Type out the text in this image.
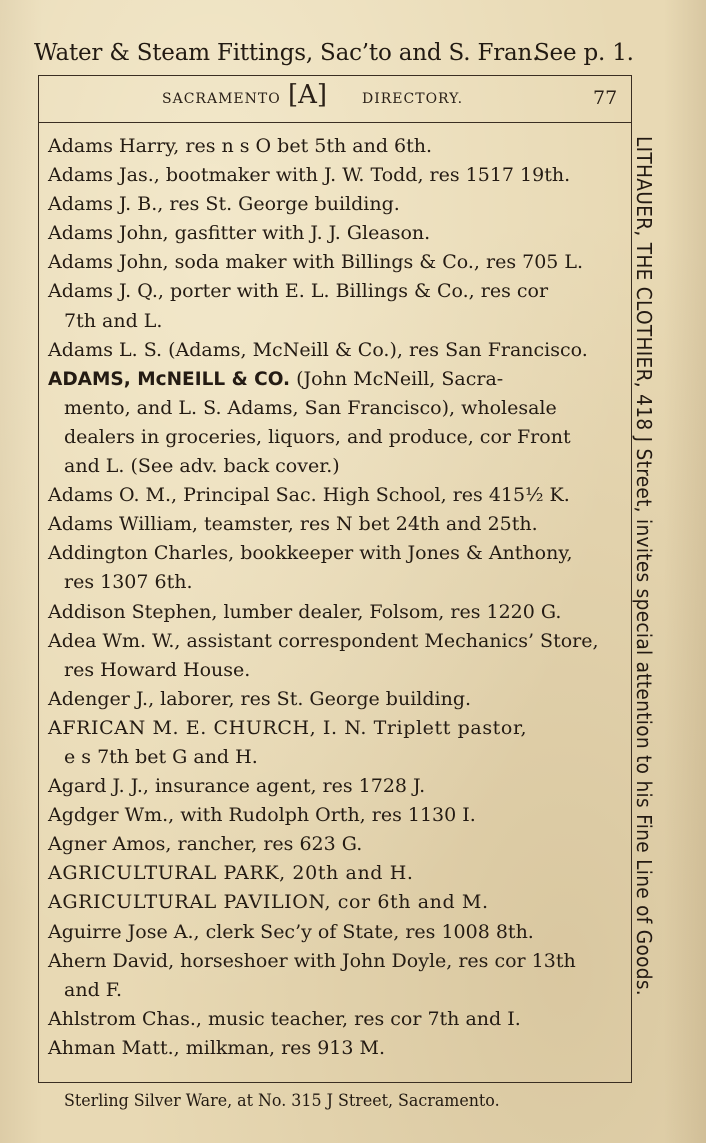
Water & Steam Fittings, Sac’to and S. Fran.
See p. 1.
SACRAMENTO [A] DIRECTORY.	77
Adams Harry, res n s O bet 5th and 6th.
Adams Jas., bootmaker with J. W. Todd, res 1517 19th.
Adams J. B., res St. George building.
Adams John, gasfitter with J. J. Gleason.
Adams John, soda maker with Billings & Co., res 705 L.
Adams J. Q., porter with E. L. Billings & Co., res cor
7th and L.
Adams L. S. (Adams, McNeill & Co.), res San Francisco.
ADAMS, McNEILL & CO. (John McNeill, Sacra-
mento, and L. S. Adams, San Francisco), wholesale
dealers in groceries, liquors, and produce, cor Front
and L. (See adv. back cover.)
Adams O. M., Principal Sac. High School, res 415½ K.
Adams William, teamster, res N bet 24th and 25th.
Addington Charles, bookkeeper with Jones & Anthony,
res 1307 6th.
Addison Stephen, lumber dealer, Folsom, res 1220 G.
Adea Wm. W., assistant correspondent Mechanics’ Store,
res Howard House.
Adenger J., laborer, res St. George building.
AFRICAN M. E. CHURCH, I. N. Triplett pastor,
e s 7th bet G and H.
Agard J. J., insurance agent, res 1728 J.
Agdger Wm., with Rudolph Orth, res 1130 I.
Agner Amos, rancher, res 623 G.
AGRICULTURAL PARK, 20th and H.
AGRICULTURAL PAVILION, cor 6th and M.
Aguirre Jose A., clerk Sec’y of State, res 1008 8th.
Ahern David, horseshoer with John Doyle, res cor 13th
and F.
Ahlstrom Chas., music teacher, res cor 7th and I.
Ahman Matt., milkman, res 913 M.
LITHAUER, THE CLOTHIER, 418 J Street, invites special attention to his Fine Line of Goods.
Sterling Silver Ware, at No. 315 J Street, Sacramento.
